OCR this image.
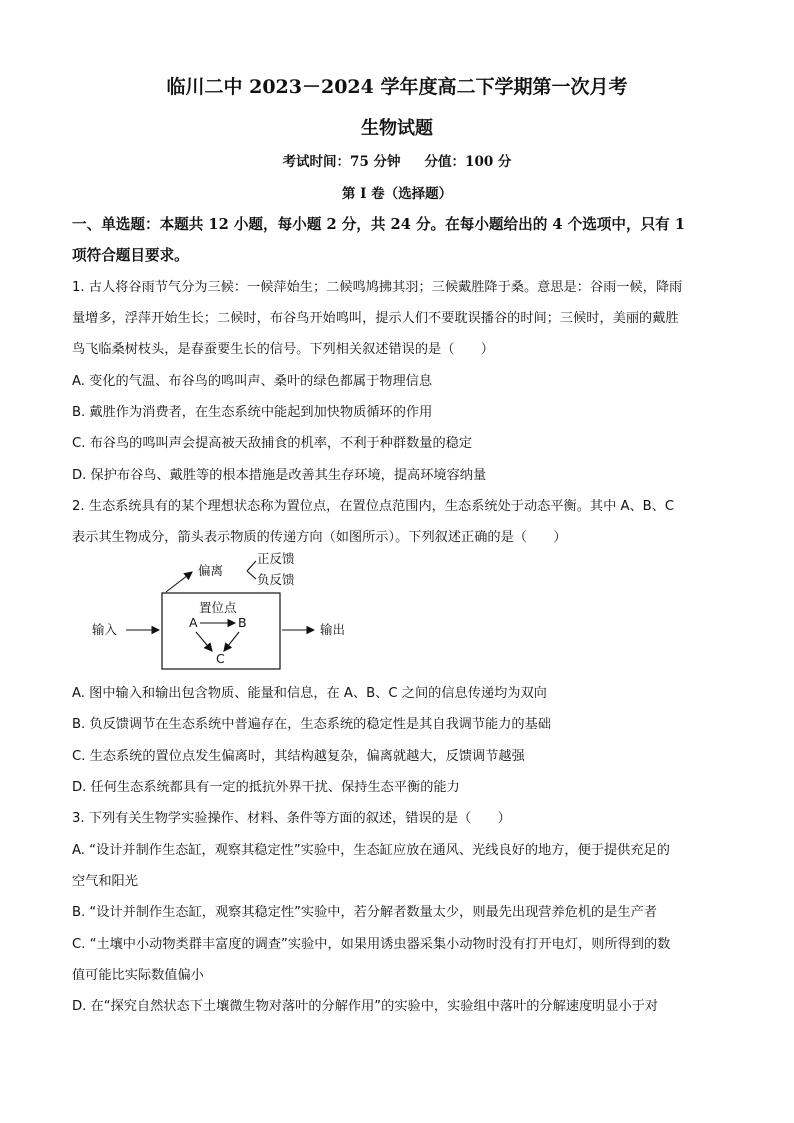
临川二中 2023－2024 学年度高二下学期第一次月考
生物试题
考试时间：75 分钟 分值：100 分
第 I 卷（选择题）
一、单选题：本题共 12 小题，每小题 2 分，共 24 分。在每小题给出的 4 个选项中，只有 1
项符合题目要求。
1. 古人将谷雨节气分为三候：一候萍始生；二候鸣鸠拂其羽；三候戴胜降于桑。意思是：谷雨一候，降雨
量增多，浮萍开始生长；二候时，布谷鸟开始鸣叫，提示人们不要耽误播谷的时间；三候时，美丽的戴胜
鸟飞临桑树枝头，是春蚕要生长的信号。下列相关叙述错误的是（　　）
A. 变化的气温、布谷鸟的鸣叫声、桑叶的绿色都属于物理信息
B. 戴胜作为消费者，在生态系统中能起到加快物质循环的作用
C. 布谷鸟的鸣叫声会提高被天敌捕食的机率，不利于种群数量的稳定
D. 保护布谷鸟、戴胜等的根本措施是改善其生存环境，提高环境容纳量
2. 生态系统具有的某个理想状态称为置位点，在置位点范围内，生态系统处于动态平衡。其中 A、B、C
表示其生物成分，箭头表示物质的传递方向（如图所示）。下列叙述正确的是（　　）
偏离
正反馈
负反馈
置位点
A	B
C
输入	输出
A. 图中输入和输出包含物质、能量和信息，在 A、B、C 之间的信息传递均为双向
B. 负反馈调节在生态系统中普遍存在，生态系统的稳定性是其自我调节能力的基础
C. 生态系统的置位点发生偏离时，其结构越复杂，偏离就越大，反馈调节越强
D. 任何生态系统都具有一定的抵抗外界干扰、保持生态平衡的能力
3. 下列有关生物学实验操作、材料、条件等方面的叙述，错误的是（　　）
A. “设计并制作生态缸，观察其稳定性”实验中，生态缸应放在通风、光线良好的地方，便于提供充足的
空气和阳光
B. “设计并制作生态缸，观察其稳定性”实验中，若分解者数量太少，则最先出现营养危机的是生产者
C. “土壤中小动物类群丰富度的调查”实验中，如果用诱虫器采集小动物时没有打开电灯，则所得到的数
值可能比实际数值偏小
D. 在“探究自然状态下土壤微生物对落叶的分解作用”的实验中，实验组中落叶的分解速度明显小于对
